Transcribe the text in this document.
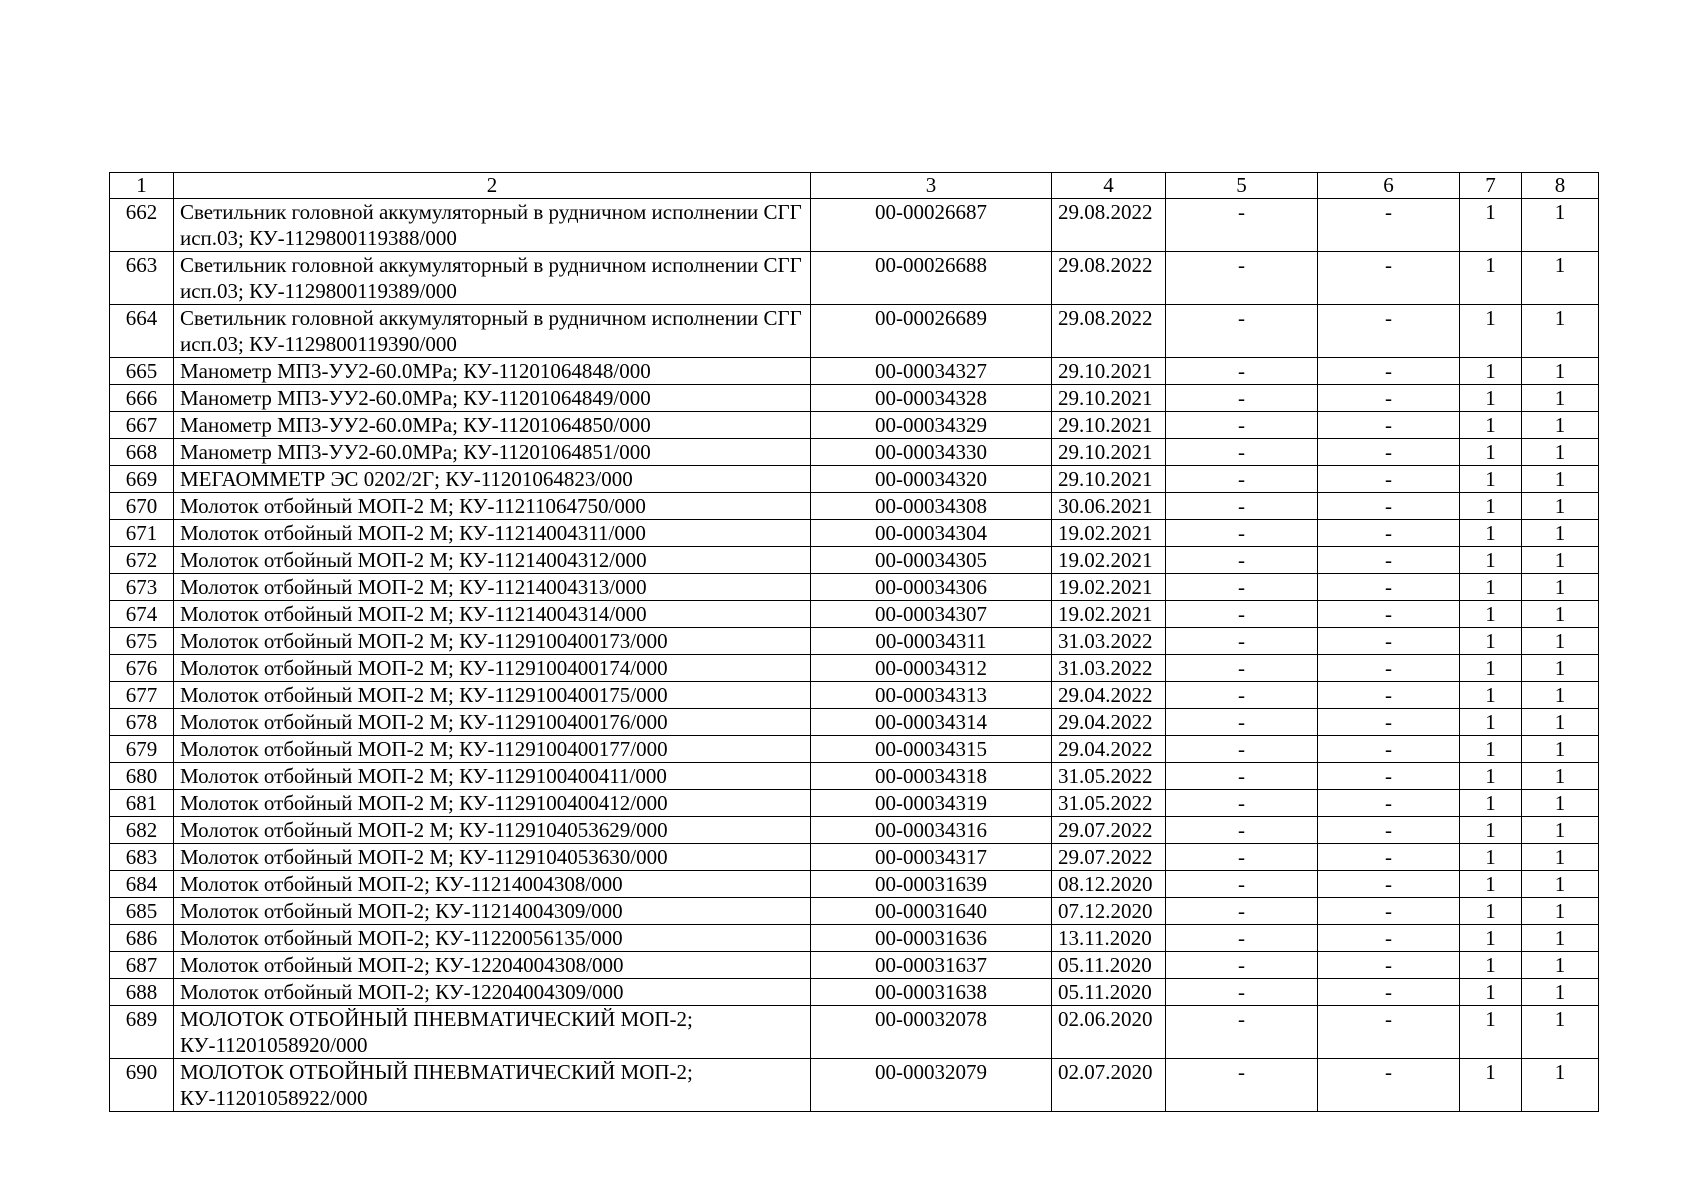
1	2	3	4	5	6	7	8
662	Светильник головной аккумуляторный в рудничном исполнении СГГ исп.03; КУ-1129800119388/000	00-00026687	29.08.2022	-	-	1	1
663	Светильник головной аккумуляторный в рудничном исполнении СГГ исп.03; КУ-1129800119389/000	00-00026688	29.08.2022	-	-	1	1
664	Светильник головной аккумуляторный в рудничном исполнении СГГ исп.03; КУ-1129800119390/000	00-00026689	29.08.2022	-	-	1	1
665	Манометр МП3-УУ2-60.0МРа; КУ-11201064848/000	00-00034327	29.10.2021	-	-	1	1
666	Манометр МП3-УУ2-60.0МРа; КУ-11201064849/000	00-00034328	29.10.2021	-	-	1	1
667	Манометр МП3-УУ2-60.0МРа; КУ-11201064850/000	00-00034329	29.10.2021	-	-	1	1
668	Манометр МП3-УУ2-60.0МРа; КУ-11201064851/000	00-00034330	29.10.2021	-	-	1	1
669	МЕГАОММЕТР ЭС 0202/2Г; КУ-11201064823/000	00-00034320	29.10.2021	-	-	1	1
670	Молоток отбойный МОП-2 М; КУ-11211064750/000	00-00034308	30.06.2021	-	-	1	1
671	Молоток отбойный МОП-2 М; КУ-11214004311/000	00-00034304	19.02.2021	-	-	1	1
672	Молоток отбойный МОП-2 М; КУ-11214004312/000	00-00034305	19.02.2021	-	-	1	1
673	Молоток отбойный МОП-2 М; КУ-11214004313/000	00-00034306	19.02.2021	-	-	1	1
674	Молоток отбойный МОП-2 М; КУ-11214004314/000	00-00034307	19.02.2021	-	-	1	1
675	Молоток отбойный МОП-2 М; КУ-1129100400173/000	00-00034311	31.03.2022	-	-	1	1
676	Молоток отбойный МОП-2 М; КУ-1129100400174/000	00-00034312	31.03.2022	-	-	1	1
677	Молоток отбойный МОП-2 М; КУ-1129100400175/000	00-00034313	29.04.2022	-	-	1	1
678	Молоток отбойный МОП-2 М; КУ-1129100400176/000	00-00034314	29.04.2022	-	-	1	1
679	Молоток отбойный МОП-2 М; КУ-1129100400177/000	00-00034315	29.04.2022	-	-	1	1
680	Молоток отбойный МОП-2 М; КУ-1129100400411/000	00-00034318	31.05.2022	-	-	1	1
681	Молоток отбойный МОП-2 М; КУ-1129100400412/000	00-00034319	31.05.2022	-	-	1	1
682	Молоток отбойный МОП-2 М; КУ-1129104053629/000	00-00034316	29.07.2022	-	-	1	1
683	Молоток отбойный МОП-2 М; КУ-1129104053630/000	00-00034317	29.07.2022	-	-	1	1
684	Молоток отбойный МОП-2; КУ-11214004308/000	00-00031639	08.12.2020	-	-	1	1
685	Молоток отбойный МОП-2; КУ-11214004309/000	00-00031640	07.12.2020	-	-	1	1
686	Молоток отбойный МОП-2; КУ-11220056135/000	00-00031636	13.11.2020	-	-	1	1
687	Молоток отбойный МОП-2; КУ-12204004308/000	00-00031637	05.11.2020	-	-	1	1
688	Молоток отбойный МОП-2; КУ-12204004309/000	00-00031638	05.11.2020	-	-	1	1
689	МОЛОТОК ОТБОЙНЫЙ ПНЕВМАТИЧЕСКИЙ МОП-2; КУ-11201058920/000	00-00032078	02.06.2020	-	-	1	1
690	МОЛОТОК ОТБОЙНЫЙ ПНЕВМАТИЧЕСКИЙ МОП-2; КУ-11201058922/000	00-00032079	02.07.2020	-	-	1	1
